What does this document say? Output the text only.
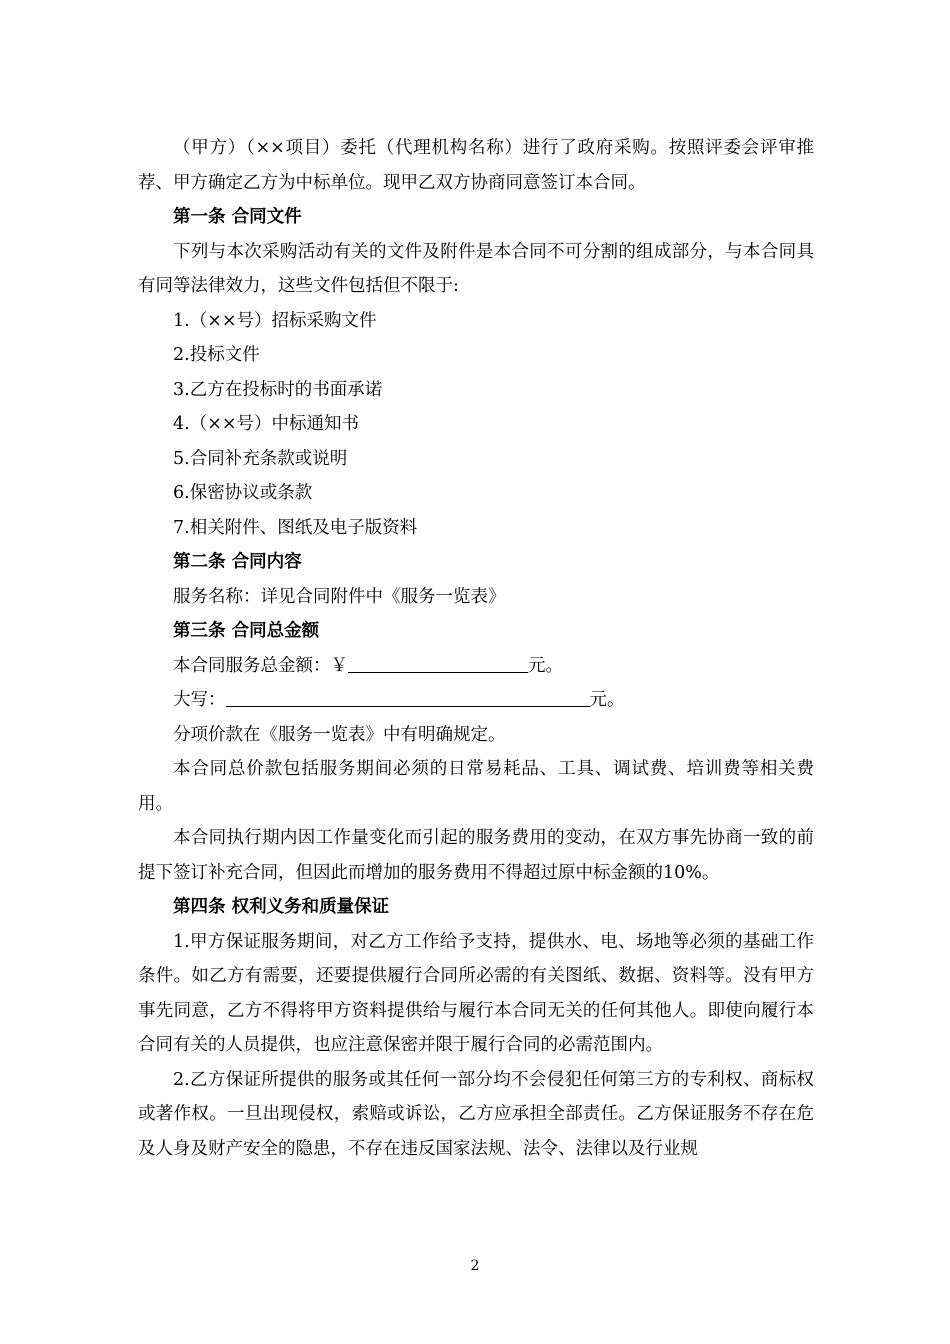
（甲方）（××项目）委托（代理机构名称）进行了政府采购。按照评委会评审推荐、甲方确定乙方为中标单位。现甲乙双方协商同意签订本合同。

第一条 合同文件

下列与本次采购活动有关的文件及附件是本合同不可分割的组成部分，与本合同具有同等法律效力，这些文件包括但不限于:

1.（××号）招标采购文件

2.投标文件

3.乙方在投标时的书面承诺

4.（××号）中标通知书

5.合同补充条款或说明

6.保密协议或条款

7.相关附件、图纸及电子版资料

第二条 合同内容

服务名称：详见合同附件中《服务一览表》

第三条 合同总金额

本合同服务总金额：￥	元。

大写：	元。

分项价款在《服务一览表》中有明确规定。

本合同总价款包括服务期间必须的日常易耗品、工具、调试费、培训费等相关费用。

本合同执行期内因工作量变化而引起的服务费用的变动，在双方事先协商一致的前提下签订补充合同，但因此而增加的服务费用不得超过原中标金额的10%。

第四条 权利义务和质量保证

1.甲方保证服务期间，对乙方工作给予支持，提供水、电、场地等必须的基础工作条件。如乙方有需要，还要提供履行合同所必需的有关图纸、数据、资料等。没有甲方事先同意，乙方不得将甲方资料提供给与履行本合同无关的任何其他人。即使向履行本合同有关的人员提供，也应注意保密并限于履行合同的必需范围内。

2.乙方保证所提供的服务或其任何一部分均不会侵犯任何第三方的专利权、商标权或著作权。一旦出现侵权，索赔或诉讼，乙方应承担全部责任。乙方保证服务不存在危及人身及财产安全的隐患，不存在违反国家法规、法令、法律以及行业规

2
